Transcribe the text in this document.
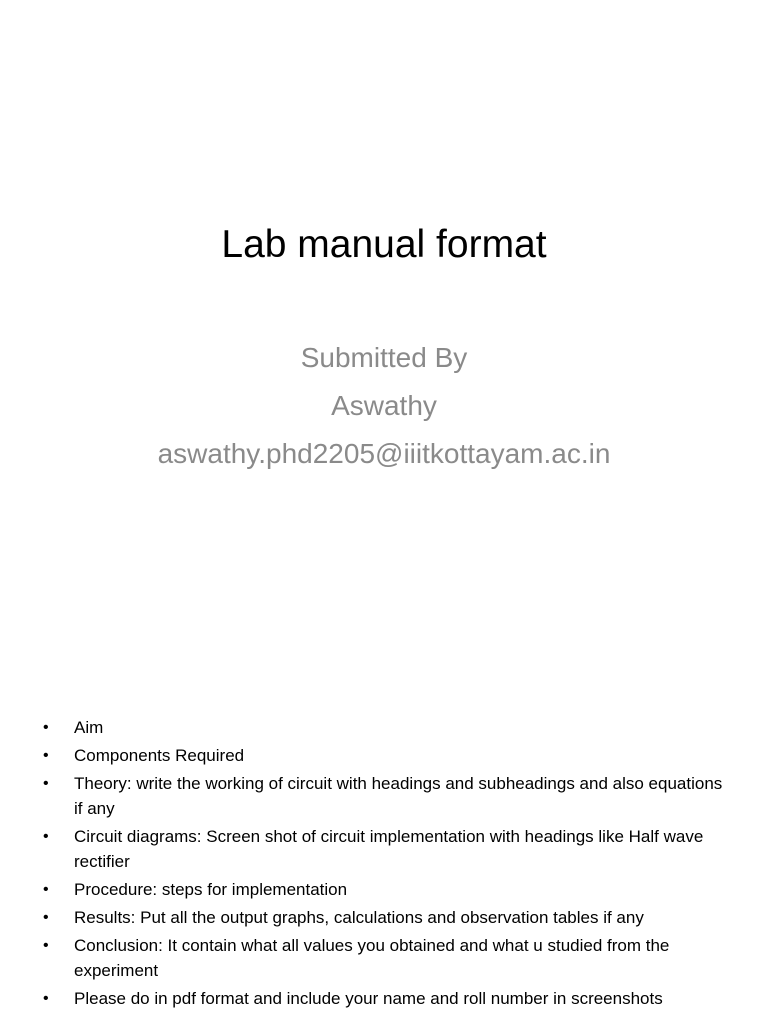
Lab manual format
Submitted By
Aswathy
aswathy.phd2205@iiitkottayam.ac.in
• Aim
• Components Required
• Theory: write the working of circuit with headings and subheadings and also equations if any
• Circuit diagrams: Screen shot of circuit implementation with headings like Half wave rectifier
• Procedure: steps for implementation
• Results: Put all the output graphs, calculations and observation tables if any
• Conclusion: It contain what all values you obtained and what u studied from the experiment
• Please do in pdf format and include your name and roll number in screenshots
